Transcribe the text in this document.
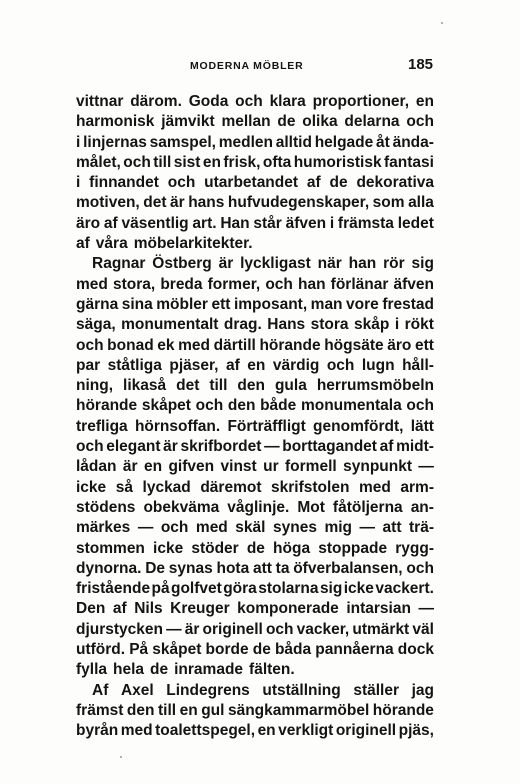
MODERNA MÖBLER	185
vittnar därom. Goda och klara proportioner, en
harmonisk jämvikt mellan de olika delarna och
i linjernas samspel, medlen alltid helgade åt ända-
målet, och till sist en frisk, ofta humoristisk fantasi
i finnandet och utarbetandet af de dekorativa
motiven, det är hans hufvudegenskaper, som alla
äro af väsentlig art. Han står äfven i främsta ledet
af våra möbelarkitekter.
Ragnar Östberg är lyckligast när han rör sig
med stora, breda former, och han förlänar äfven
gärna sina möbler ett imposant, man vore frestad
säga, monumentalt drag. Hans stora skåp i rökt
och bonad ek med därtill hörande högsäte äro ett
par ståtliga pjäser, af en värdig och lugn håll-
ning, likaså det till den gula herrumsmöbeln
hörande skåpet och den både monumentala och
trefliga hörnsoffan. Förträffligt genomfördt, lätt
och elegant är skrifbordet — borttagandet af midt-
lådan är en gifven vinst ur formell synpunkt —
icke så lyckad däremot skrifstolen med arm-
stödens obekväma våglinje. Mot fåtöljerna an-
märkes — och med skäl synes mig — att trä-
stommen icke stöder de höga stoppade rygg-
dynorna. De synas hota att ta öfverbalansen, och
fristående på golfvet göra stolarna sig icke vackert.
Den af Nils Kreuger komponerade intarsian —
djurstycken — är originell och vacker, utmärkt väl
utförd. På skåpet borde de båda pannåerna dock
fylla hela de inramade fälten.
Af Axel Lindegrens utställning ställer jag
främst den till en gul sängkammarmöbel hörande
byrån med toalettspegel, en verkligt originell pjäs,
